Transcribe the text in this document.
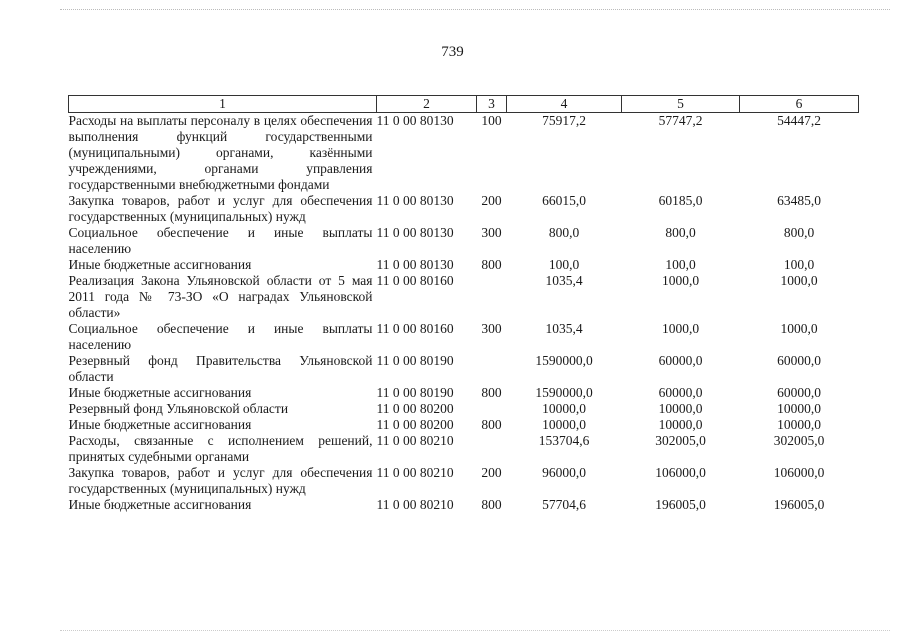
739
1	2	3	4	5	6
Расходы на выплаты персоналу в целях обеспечения выполнения функций государственными (муниципальными) органами, казёнными учреждениями, органами управления государственными внебюджетными фондами	11 0 00 80130	100	75917,2	57747,2	54447,2
Закупка товаров, работ и услуг для обеспечения государственных (муниципальных) нужд	11 0 00 80130	200	66015,0	60185,0	63485,0
Социальное обеспечение и иные выплаты населению	11 0 00 80130	300	800,0	800,0	800,0
Иные бюджетные ассигнования	11 0 00 80130	800	100,0	100,0	100,0
Реализация Закона Ульяновской области от 5 мая 2011 года № 73-ЗО «О наградах Ульяновской области»	11 0 00 80160		1035,4	1000,0	1000,0
Социальное обеспечение и иные выплаты населению	11 0 00 80160	300	1035,4	1000,0	1000,0
Резервный фонд Правительства Ульяновской области	11 0 00 80190		1590000,0	60000,0	60000,0
Иные бюджетные ассигнования	11 0 00 80190	800	1590000,0	60000,0	60000,0
Резервный фонд Ульяновской области	11 0 00 80200		10000,0	10000,0	10000,0
Иные бюджетные ассигнования	11 0 00 80200	800	10000,0	10000,0	10000,0
Расходы, связанные с исполнением решений, принятых судебными органами	11 0 00 80210		153704,6	302005,0	302005,0
Закупка товаров, работ и услуг для обеспечения государственных (муниципальных) нужд	11 0 00 80210	200	96000,0	106000,0	106000,0
Иные бюджетные ассигнования	11 0 00 80210	800	57704,6	196005,0	196005,0
